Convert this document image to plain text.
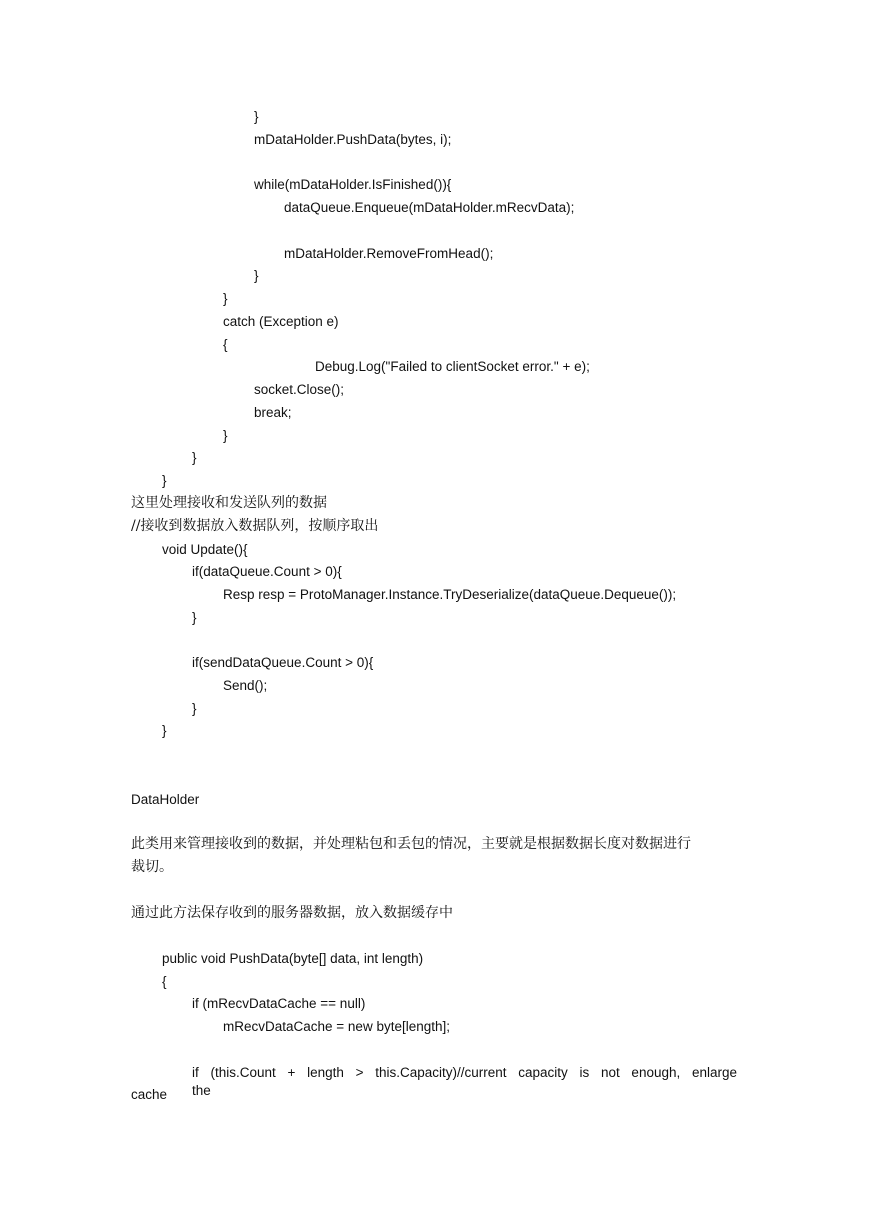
}
mDataHolder.PushData(bytes, i);
while(mDataHolder.IsFinished()){
dataQueue.Enqueue(mDataHolder.mRecvData);
mDataHolder.RemoveFromHead();
}
}
catch (Exception e)
{
Debug.Log("Failed to clientSocket error." + e);
socket.Close();
break;
}
}
}
这里处理接收和发送队列的数据
//接收到数据放入数据队列，按顺序取出
void Update(){
if(dataQueue.Count > 0){
Resp resp = ProtoManager.Instance.TryDeserialize(dataQueue.Dequeue());
}
if(sendDataQueue.Count > 0){
Send();
}
}
DataHolder
此类用来管理接收到的数据，并处理粘包和丢包的情况，主要就是根据数据长度对数据进行
裁切。
通过此方法保存收到的服务器数据，放入数据缓存中
public void PushData(byte[] data, int length)
{
if (mRecvDataCache == null)
mRecvDataCache = new byte[length];
if (this.Count + length > this.Capacity)//current capacity is not enough, enlarge the
cache
